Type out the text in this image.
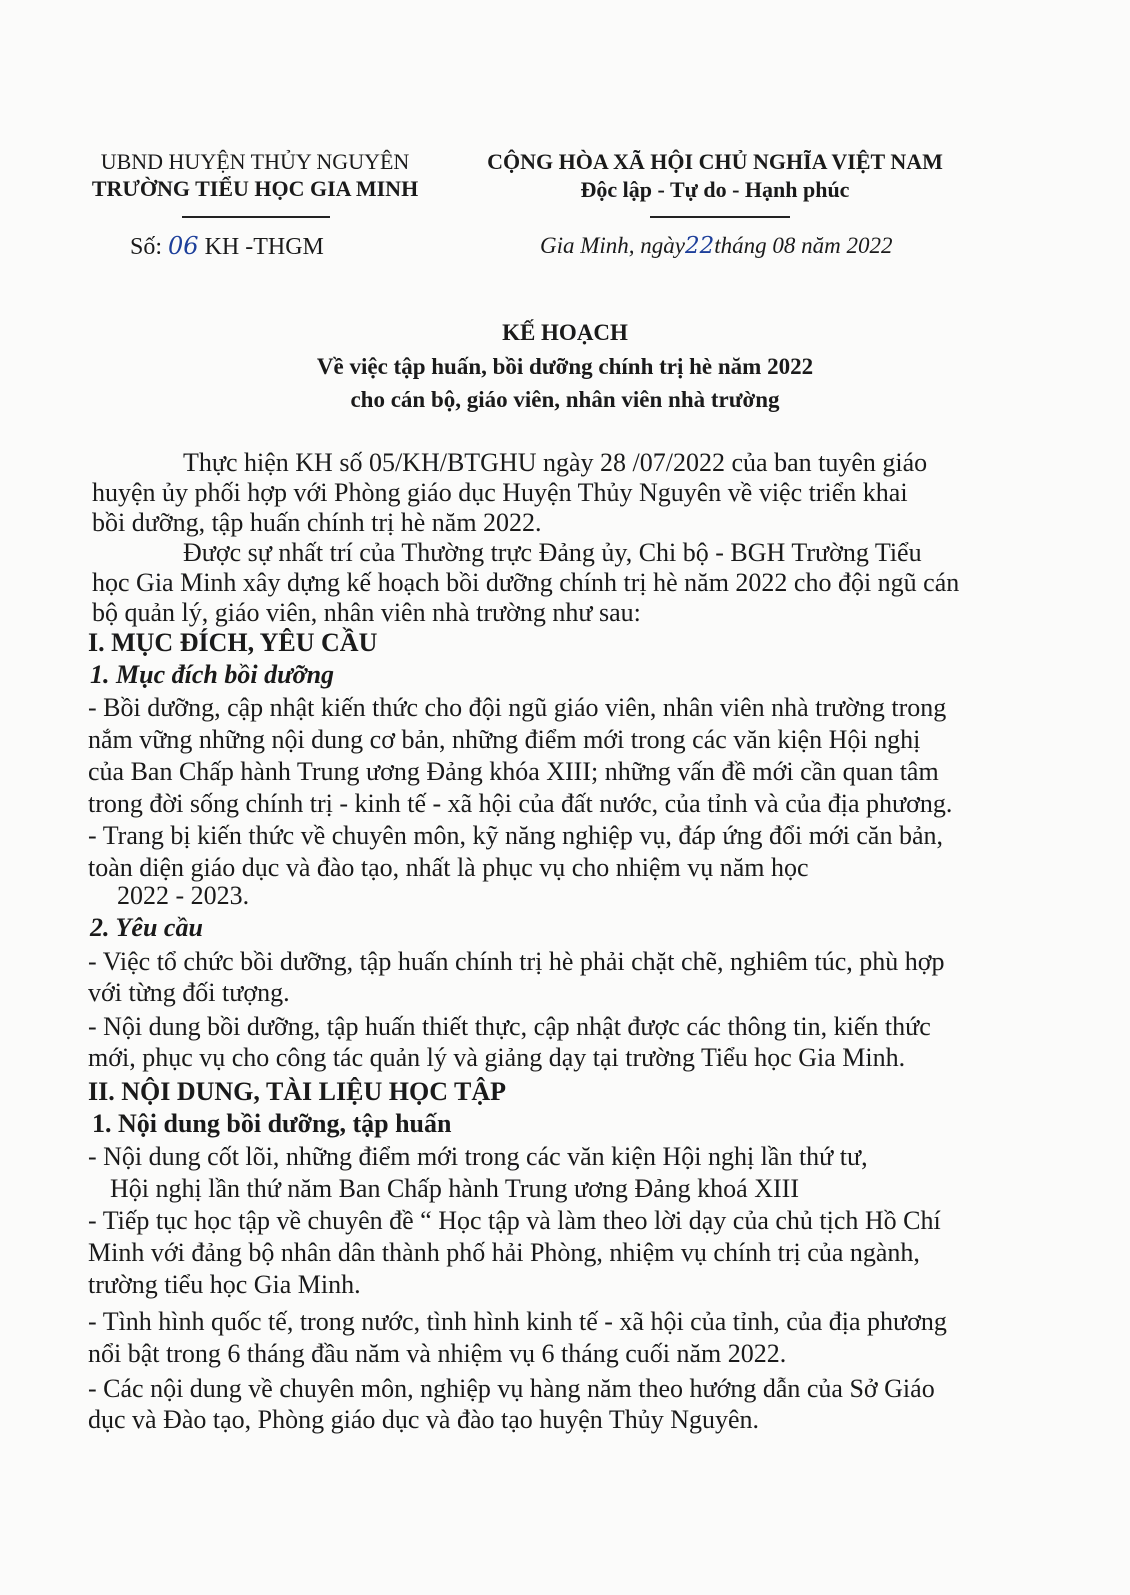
UBND HUYỆN THỦY NGUYÊN
TRƯỜNG TIỂU HỌC GIA MINH
Số: 06 KH -THGM
CỘNG HÒA XÃ HỘI CHỦ NGHĨA VIỆT NAM
Độc lập - Tự do - Hạnh phúc
Gia Minh, ngày22tháng 08 năm 2022
KẾ HOẠCH
Về việc tập huấn, bồi dưỡng chính trị hè năm 2022
cho cán bộ, giáo viên, nhân viên nhà trường
Thực hiện KH số 05/KH/BTGHU ngày 28 /07/2022 của ban tuyên giáo
huyện ủy phối hợp với Phòng giáo dục Huyện Thủy Nguyên về việc triển khai
bồi dưỡng, tập huấn chính trị hè năm 2022.
Được sự nhất trí của Thường trực Đảng ủy, Chi bộ - BGH Trường Tiểu
học Gia Minh xây dựng kế hoạch bồi dưỡng chính trị hè năm 2022 cho đội ngũ cán
bộ quản lý, giáo viên, nhân viên nhà trường như sau:
I. MỤC ĐÍCH, YÊU CẦU
1. Mục đích bồi dưỡng
- Bồi dưỡng, cập nhật kiến thức cho đội ngũ giáo viên, nhân viên nhà trường trong
nắm vững những nội dung cơ bản, những điểm mới trong các văn kiện Hội nghị
của Ban Chấp hành Trung ương Đảng khóa XIII; những vấn đề mới cần quan tâm
trong đời sống chính trị - kinh tế - xã hội của đất nước, của tỉnh và của địa phương.
- Trang bị kiến thức về chuyên môn, kỹ năng nghiệp vụ, đáp ứng đổi mới căn bản,
toàn diện giáo dục và đào tạo, nhất là phục vụ cho nhiệm vụ năm học
2022 - 2023.
2. Yêu cầu
- Việc tổ chức bồi dưỡng, tập huấn chính trị hè phải chặt chẽ, nghiêm túc, phù hợp
với từng đối tượng.
- Nội dung bồi dưỡng, tập huấn thiết thực, cập nhật được các thông tin, kiến thức
mới, phục vụ cho công tác quản lý và giảng dạy tại trường Tiểu học Gia Minh.
II. NỘI DUNG, TÀI LIỆU HỌC TẬP
1. Nội dung bồi dưỡng, tập huấn
- Nội dung cốt lõi, những điểm mới trong các văn kiện Hội nghị lần thứ tư,
Hội nghị lần thứ năm Ban Chấp hành Trung ương Đảng khoá XIII
- Tiếp tục học tập về chuyên đề “ Học tập và làm theo lời dạy của chủ tịch Hồ Chí
Minh với đảng bộ nhân dân thành phố hải Phòng, nhiệm vụ chính trị của ngành,
trường tiểu học Gia Minh.
- Tình hình quốc tế, trong nước, tình hình kinh tế - xã hội của tỉnh, của địa phương
nổi bật trong 6 tháng đầu năm và nhiệm vụ 6 tháng cuối năm 2022.
- Các nội dung về chuyên môn, nghiệp vụ hàng năm theo hướng dẫn của Sở Giáo
dục và Đào tạo, Phòng giáo dục và đào tạo huyện Thủy Nguyên.
